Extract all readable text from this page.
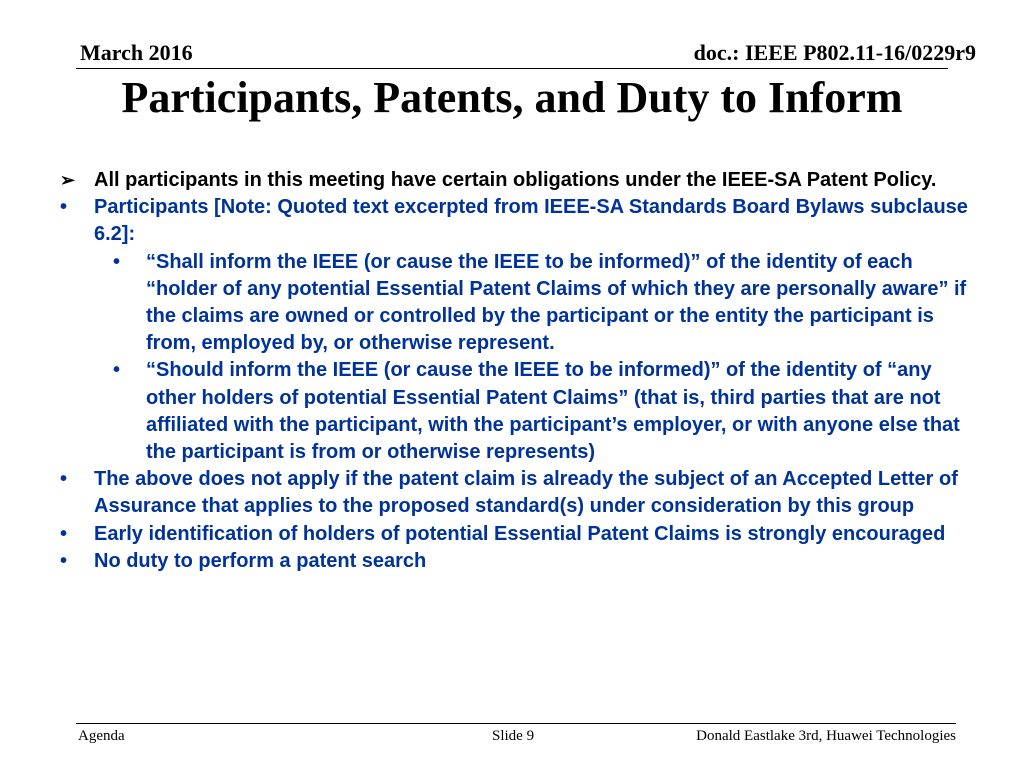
March 2016	doc.: IEEE P802.11-16/0229r9
Participants, Patents, and Duty to Inform
➢ All participants in this meeting have certain obligations under the IEEE-SA Patent Policy.
• Participants [Note: Quoted text excerpted from IEEE-SA Standards Board Bylaws subclause 6.2]:
• “Shall inform the IEEE (or cause the IEEE to be informed)” of the identity of each “holder of any potential Essential Patent Claims of which they are personally aware” if the claims are owned or controlled by the participant or the entity the participant is from, employed by, or otherwise represent.
• “Should inform the IEEE (or cause the IEEE to be informed)” of the identity of “any other holders of potential Essential Patent Claims” (that is, third parties that are not affiliated with the participant, with the participant’s employer, or with anyone else that the participant is from or otherwise represents)
• The above does not apply if the patent claim is already the subject of an Accepted Letter of Assurance that applies to the proposed standard(s) under consideration by this group
• Early identification of holders of potential Essential Patent Claims is strongly encouraged
• No duty to perform a patent search
Agenda	Slide 9	Donald Eastlake 3rd, Huawei Technologies
